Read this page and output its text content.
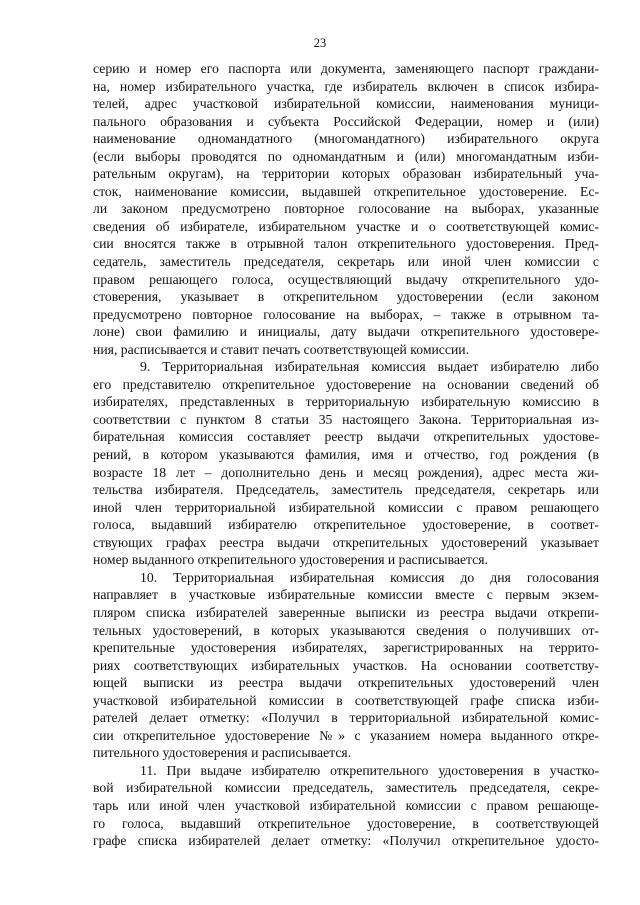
23

серию и номер его паспорта или документа, заменяющего паспорт граждани-

на, номер избирательного участка, где избиратель включен в список избира-

телей, адрес участковой избирательной комиссии, наименования муници-

пального образования и субъекта Российской Федерации, номер и (или)

наименование одномандатного (многомандатного) избирательного округа

(если выборы проводятся по одномандатным и (или) многомандатным изби-

рательным округам), на территории которых образован избирательный уча-

сток, наименование комиссии, выдавшей открепительное удостоверение. Ес-

ли законом предусмотрено повторное голосование на выборах, указанные

сведения об избирателе, избирательном участке и о соответствующей комис-

сии вносятся также в отрывной талон открепительного удостоверения. Пред-

седатель, заместитель председателя, секретарь или иной член комиссии с

правом решающего голоса, осуществляющий выдачу открепительного удо-

стоверения, указывает в открепительном удостоверении (если законом

предусмотрено повторное голосование на выборах, – также в отрывном та-

лоне) свои фамилию и инициалы, дату выдачи открепительного удостовере-

ния, расписывается и ставит печать соответствующей комиссии.

9. Территориальная избирательная комиссия выдает избирателю либо

его представителю открепительное удостоверение на основании сведений об

избирателях, представленных в территориальную избирательную комиссию в

соответствии с пунктом 8 статьи 35 настоящего Закона. Территориальная из-

бирательная комиссия составляет реестр выдачи открепительных удостове-

рений, в котором указываются фамилия, имя и отчество, год рождения (в

возрасте 18 лет – дополнительно день и месяц рождения), адрес места жи-

тельства избирателя. Председатель, заместитель председателя, секретарь или

иной член территориальной избирательной комиссии с правом решающего

голоса, выдавший избирателю открепительное удостоверение, в соответ-

ствующих графах реестра выдачи открепительных удостоверений указывает

номер выданного открепительного удостоверения и расписывается.

10. Территориальная избирательная комиссия до дня голосования

направляет в участковые избирательные комиссии вместе с первым экзем-

пляром списка избирателей заверенные выписки из реестра выдачи открепи-

тельных удостоверений, в которых указываются сведения о получивших от-

крепительные удостоверения избирателях, зарегистрированных на террито-

риях соответствующих избирательных участков. На основании соответству-

ющей выписки из реестра выдачи открепительных удостоверений член

участковой избирательной комиссии в соответствующей графе списка изби-

рателей делает отметку: «Получил в территориальной избирательной комис-

сии открепительное удостоверение №» с указанием номера выданного откре-

пительного удостоверения и расписывается.

11. При выдаче избирателю открепительного удостоверения в участко-

вой избирательной комиссии председатель, заместитель председателя, секре-

тарь или иной член участковой избирательной комиссии с правом решающе-

го голоса, выдавший открепительное удостоверение, в соответствующей

графе списка избирателей делает отметку: «Получил открепительное удосто-
